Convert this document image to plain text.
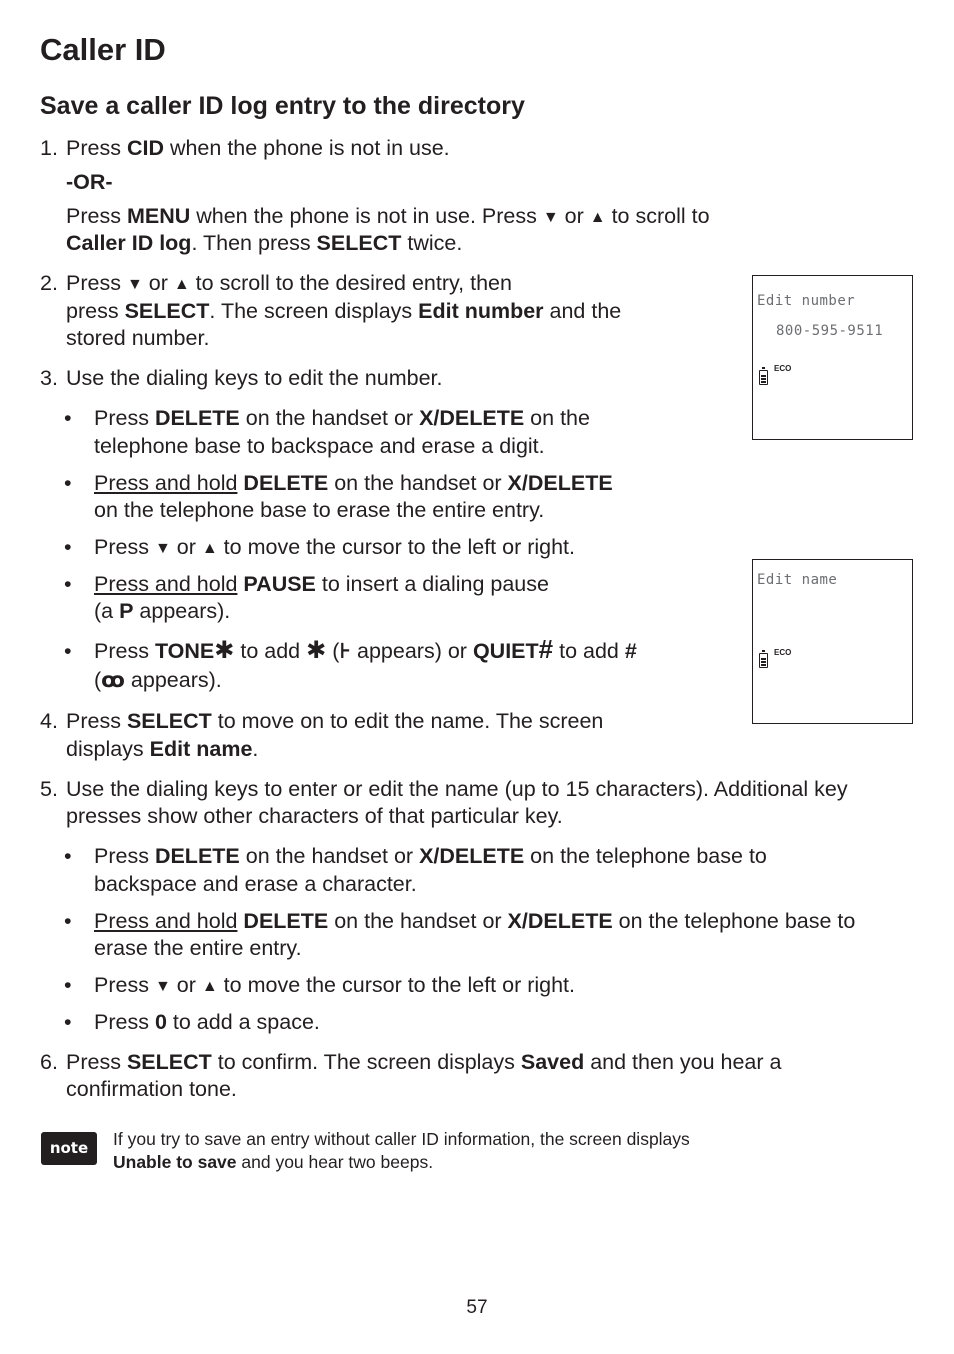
Caller ID
Save a caller ID log entry to the directory
1. Press CID when the phone is not in use.
-OR-
Press MENU when the phone is not in use. Press ▼ or ▲ to scroll to
Caller ID log. Then press SELECT twice.
2. Press ▼ or ▲ to scroll to the desired entry, then
press SELECT. The screen displays Edit number and the
stored number.
3. Use the dialing keys to edit the number.
• Press DELETE on the handset or X/DELETE on the
telephone base to backspace and erase a digit.
• Press and hold DELETE on the handset or X/DELETE
on the telephone base to erase the entire entry.
• Press ▼ or ▲ to move the cursor to the left or right.
• Press and hold PAUSE to insert a dialing pause
(a P appears).
• Press TONE✱ to add ✱ (⊦ appears) or QUIET# to add #
(ꝏ appears).
4. Press SELECT to move on to edit the name. The screen
displays Edit name.
5. Use the dialing keys to enter or edit the name (up to 15 characters). Additional key
presses show other characters of that particular key.
• Press DELETE on the handset or X/DELETE on the telephone base to
backspace and erase a character.
• Press and hold DELETE on the handset or X/DELETE on the telephone base to
erase the entire entry.
• Press ▼ or ▲ to move the cursor to the left or right.
• Press 0 to add a space.
6. Press SELECT to confirm. The screen displays Saved and then you hear a
confirmation tone.
Edit number
800-595-9511
ECO
Edit name
ECO
note	If you try to save an entry without caller ID information, the screen displays
Unable to save and you hear two beeps.
57
